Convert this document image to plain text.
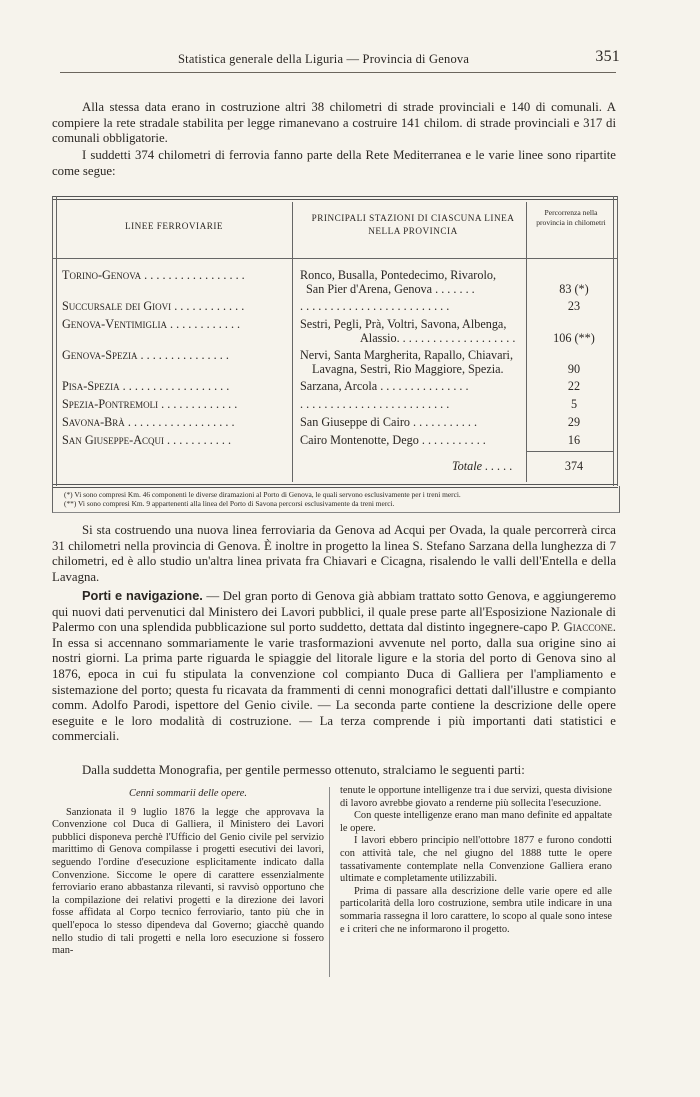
Statistica generale della Liguria — Provincia di Genova	351
Alla stessa data erano in costruzione altri 38 chilometri di strade provinciali e 140 di comunali. A compiere la rete stradale stabilita per legge rimanevano a costruire 141 chilom. di strade provinciali e 317 di comunali obbligatorie.
I suddetti 374 chilometri di ferrovia fanno parte della Rete Mediterranea e le varie linee sono ripartite come segue:
LINEE FERROVIARIE
PRINCIPALI STAZIONI DI CIASCUNA LINEA NELLA PROVINCIA
Percorrenza nella provincia in chilometri
Torino-Genova . . . . . . . . . . . . . . . . .	Ronco, Busalla, Pontedecimo, Rivarolo,
San Pier d'Arena, Genova . . . . . . .	83 (*)
Succursale dei Giovi . . . . . . . . . . . .	. . . . . . . . . . . . . . . . . . . . . . . . .	23
Genova-Ventimiglia . . . . . . . . . . . .	Sestri, Pegli, Prà, Voltri, Savona, Albenga,
Alassio. . . . . . . . . . . . . . . . . . . .	106 (**)
Genova-Spezia . . . . . . . . . . . . . . .	Nervi, Santa Margherita, Rapallo, Chiavari,
Lavagna, Sestri, Rio Maggiore, Spezia.	90
Pisa-Spezia . . . . . . . . . . . . . . . . . .	Sarzana, Arcola . . . . . . . . . . . . . . .	22
Spezia-Pontremoli . . . . . . . . . . . . .	. . . . . . . . . . . . . . . . . . . . . . . . .	5
Savona-Brà . . . . . . . . . . . . . . . . . .	San Giuseppe di Cairo . . . . . . . . . . .	29
San Giuseppe-Acqui . . . . . . . . . . .	Cairo Montenotte, Dego . . . . . . . . . . .	16
Totale . . . . .	374
(*) Vi sono compresi Km. 46 componenti le diverse diramazioni al Porto di Genova, le quali servono esclusivamente per i treni merci.
(**) Vi sono compresi Km. 9 appartenenti alla linea del Porto di Savona percorsi esclusivamente da treni merci.
Si sta costruendo una nuova linea ferroviaria da Genova ad Acqui per Ovada, la quale percorrerà circa 31 chilometri nella provincia di Genova. È inoltre in progetto la linea S. Stefano Sarzana della lunghezza di 7 chilometri, ed è allo studio un'altra linea privata fra Chiavari e Cicagna, risalendo le valli dell'Entella e della Lavagna.
Porti e navigazione. — Del gran porto di Genova già abbiam trattato sotto Genova, e aggiungeremo qui nuovi dati pervenutici dal Ministero dei Lavori pubblici, il quale prese parte all'Esposizione Nazionale di Palermo con una splendida pubblicazione sul porto suddetto, dettata dal distinto ingegnere-capo P. Giaccone. In essa si accennano sommariamente le varie trasformazioni avvenute nel porto, dalla sua origine sino ai nostri giorni. La prima parte riguarda le spiaggie del litorale ligure e la storia del porto di Genova sino al 1876, epoca in cui fu stipulata la convenzione col compianto Duca di Galliera per l'ampliamento e sistemazione del porto; questa fu ricavata da frammenti di cenni monografici dettati dall'illustre e compianto comm. Adolfo Parodi, ispettore del Genio civile. — La seconda parte contiene la descrizione delle opere eseguite e le loro modalità di costruzione. — La terza comprende i più importanti dati statistici e commerciali.
Dalla suddetta Monografia, per gentile permesso ottenuto, stralciamo le seguenti parti:
Cenni sommarii delle opere.

Sanzionata il 9 luglio 1876 la legge che approvava la Convenzione col Duca di Galliera, il Ministero dei Lavori pubblici disponeva perchè l'Ufficio del Genio civile pel servizio marittimo di Genova compilasse i progetti esecutivi dei lavori, seguendo l'ordine d'esecuzione esplicitamente indicato dalla Convenzione. Siccome le opere di carattere essenzialmente ferroviario erano abbastanza rilevanti, si ravvisò opportuno che la compilazione dei relativi progetti e la direzione dei lavori fosse affidata al Corpo tecnico ferroviario, tanto più che in quell'epoca lo stesso dipendeva dal Governo; giacchè quando nello studio di tali progetti e nella loro esecuzione si fossero man-

tenute le opportune intelligenze tra i due servizi, questa divisione di lavoro avrebbe giovato a renderne più sollecita l'esecuzione.

Con queste intelligenze erano man mano definite ed appaltate le opere.

I lavori ebbero principio nell'ottobre 1877 e furono condotti con attività tale, che nel giugno del 1888 tutte le opere tassativamente contemplate nella Convenzione Galliera erano ultimate e completamente utilizzabili.

Prima di passare alla descrizione delle varie opere ed alle particolarità della loro costruzione, sembra utile indicare in una sommaria rassegna il loro carattere, lo scopo al quale sono intese e i criteri che ne informarono il progetto.
